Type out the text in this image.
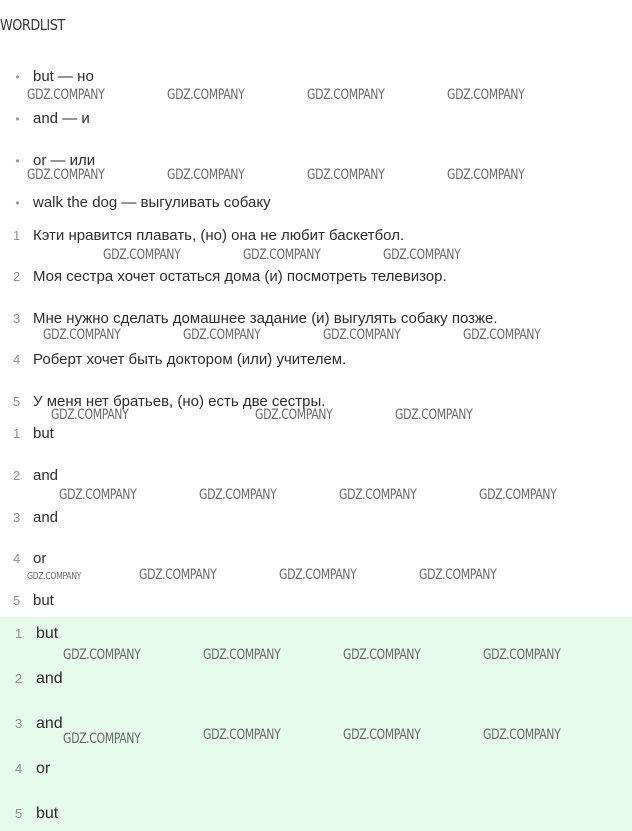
WORDLIST
• but — но
• and — и
• or — или
• walk the dog — выгуливать собаку
1 Кэти нравится плавать, (но) она не любит баскетбол.
2 Моя сестра хочет остаться дома (и) посмотреть телевизор.
3 Мне нужно сделать домашнее задание (и) выгулять собаку позже.
4 Роберт хочет быть доктором (или) учителем.
5 У меня нет братьев, (но) есть две сестры.
1 but
2 and
3 and
4 or
5 but
1 but
2 and
3 and
4 or
5 but
GDZ.COMPANY	GDZ.COMPANY	GDZ.COMPANY	GDZ.COMPANY
GDZ.COMPANY	GDZ.COMPANY	GDZ.COMPANY	GDZ.COMPANY
GDZ.COMPANY	GDZ.COMPANY	GDZ.COMPANY
GDZ.COMPANY	GDZ.COMPANY	GDZ.COMPANY	GDZ.COMPANY
GDZ.COMPANY	GDZ.COMPANY	GDZ.COMPANY
GDZ.COMPANY	GDZ.COMPANY	GDZ.COMPANY	GDZ.COMPANY
GDZ.COMPANY	GDZ.COMPANY	GDZ.COMPANY	GDZ.COMPANY
GDZ.COMPANY	GDZ.COMPANY	GDZ.COMPANY	GDZ.COMPANY
GDZ.COMPANY	GDZ.COMPANY	GDZ.COMPANY	GDZ.COMPANY
